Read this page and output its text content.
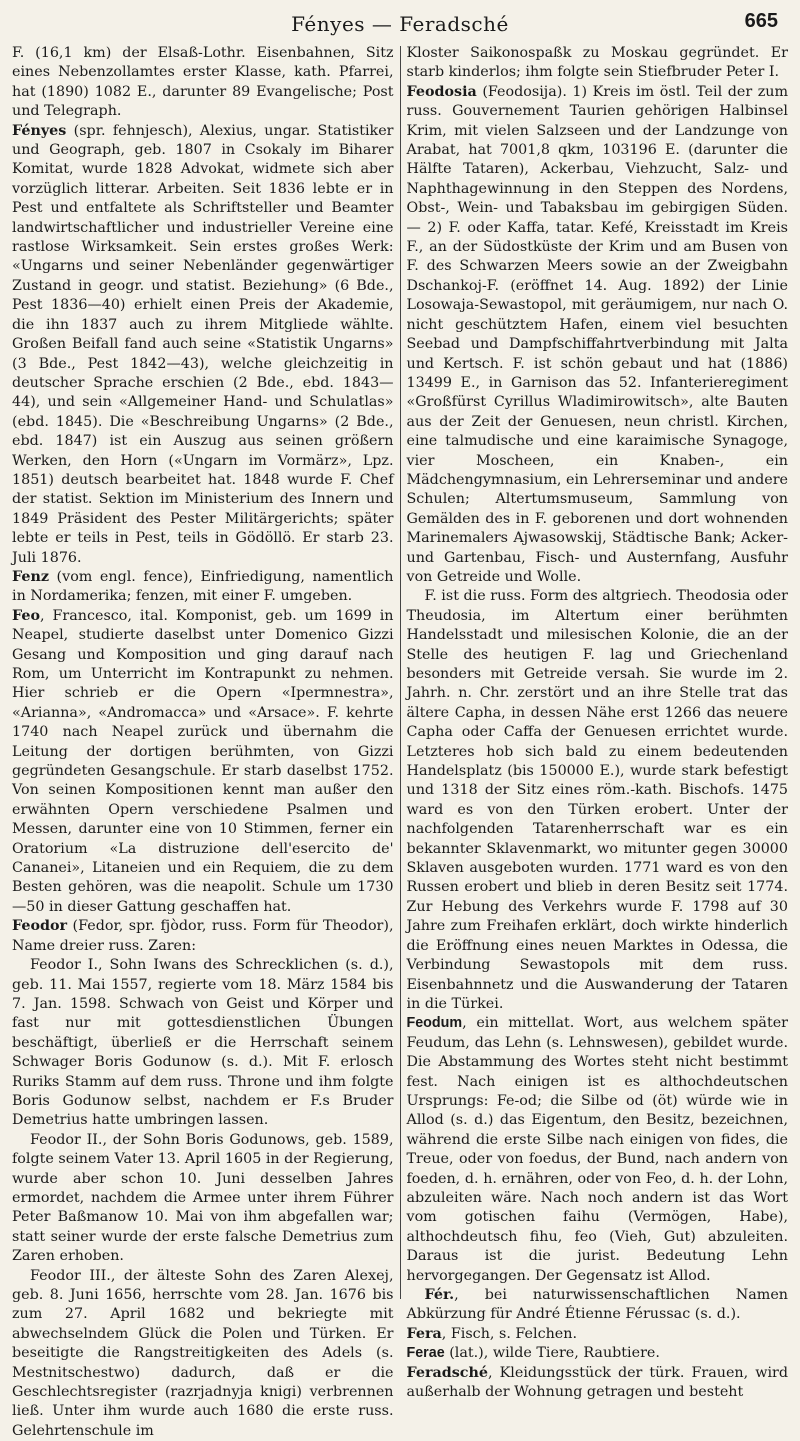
Fényes — Feradsché	665

F. (16,1 km) der Elsaß-Lothr. Eisenbahnen, Sitz eines Nebenzollamtes erster Klasse, kath. Pfarrei, hat (1890) 1082 E., darunter 89 Evangelische; Post und Telegraph.

Fényes (spr. fehnjesch), Alexius, ungar. Statistiker und Geograph, geb. 1807 in Csokaly im Biharer Komitat, wurde 1828 Advokat, widmete sich aber vorzüglich litterar. Arbeiten. Seit 1836 lebte er in Pest und entfaltete als Schriftsteller und Beamter landwirtschaftlicher und industrieller Vereine eine rastlose Wirksamkeit. Sein erstes großes Werk: «Ungarns und seiner Nebenländer gegenwärtiger Zustand in geogr. und statist. Beziehung» (6 Bde., Pest 1836—40) erhielt einen Preis der Akademie, die ihn 1837 auch zu ihrem Mitgliede wählte. Großen Beifall fand auch seine «Statistik Ungarns» (3 Bde., Pest 1842—43), welche gleichzeitig in deutscher Sprache erschien (2 Bde., ebd. 1843—44), und sein «Allgemeiner Hand- und Schulatlas» (ebd. 1845). Die «Beschreibung Ungarns» (2 Bde., ebd. 1847) ist ein Auszug aus seinen größern Werken, den Horn («Ungarn im Vormärz», Lpz. 1851) deutsch bearbeitet hat. 1848 wurde F. Chef der statist. Sektion im Ministerium des Innern und 1849 Präsident des Pester Militärgerichts; später lebte er teils in Pest, teils in Gödöllö. Er starb 23. Juli 1876.

Fenz (vom engl. fence), Einfriedigung, namentlich in Nordamerika; fenzen, mit einer F. umgeben.

Feo, Francesco, ital. Komponist, geb. um 1699 in Neapel, studierte daselbst unter Domenico Gizzi Gesang und Komposition und ging darauf nach Rom, um Unterricht im Kontrapunkt zu nehmen. Hier schrieb er die Opern «Ipermnestra», «Arianna», «Andromacca» und «Arsace». F. kehrte 1740 nach Neapel zurück und übernahm die Leitung der dortigen berühmten, von Gizzi gegründeten Gesangschule. Er starb daselbst 1752. Von seinen Kompositionen kennt man außer den erwähnten Opern verschiedene Psalmen und Messen, darunter eine von 10 Stimmen, ferner ein Oratorium «La distruzione dell'esercito de' Cananei», Litaneien und ein Requiem, die zu dem Besten gehören, was die neapolit. Schule um 1730—50 in dieser Gattung geschaffen hat.

Feodor (Fedor, spr. fjòdor, russ. Form für Theodor), Name dreier russ. Zaren:

Feodor I., Sohn Iwans des Schrecklichen (s. d.), geb. 11. Mai 1557, regierte vom 18. März 1584 bis 7. Jan. 1598. Schwach von Geist und Körper und fast nur mit gottesdienstlichen Übungen beschäftigt, überließ er die Herrschaft seinem Schwager Boris Godunow (s. d.). Mit F. erlosch Ruriks Stamm auf dem russ. Throne und ihm folgte Boris Godunow selbst, nachdem er F.s Bruder Demetrius hatte umbringen lassen.

Feodor II., der Sohn Boris Godunows, geb. 1589, folgte seinem Vater 13. April 1605 in der Regierung, wurde aber schon 10. Juni desselben Jahres ermordet, nachdem die Armee unter ihrem Führer Peter Baßmanow 10. Mai von ihm abgefallen war; statt seiner wurde der erste falsche Demetrius zum Zaren erhoben.

Feodor III., der älteste Sohn des Zaren Alexej, geb. 8. Juni 1656, herrschte vom 28. Jan. 1676 bis zum 27. April 1682 und bekriegte mit abwechselndem Glück die Polen und Türken. Er beseitigte die Rangstreitigkeiten des Adels (s. Mestnitschestwo) dadurch, daß er die Geschlechtsregister (razrjadnyja knigi) verbrennen ließ. Unter ihm wurde auch 1680 die erste russ. Gelehrtenschule im

Kloster Saikonospaßk zu Moskau gegründet. Er starb kinderlos; ihm folgte sein Stiefbruder Peter I.

Feodosia (Feodosija). 1) Kreis im östl. Teil der zum russ. Gouvernement Taurien gehörigen Halbinsel Krim, mit vielen Salzseen und der Landzunge von Arabat, hat 7001,8 qkm, 103196 E. (darunter die Hälfte Tataren), Ackerbau, Viehzucht, Salz- und Naphthagewinnung in den Steppen des Nordens, Obst-, Wein- und Tabaksbau im gebirgigen Süden. — 2) F. oder Kaffa, tatar. Kefé, Kreisstadt im Kreis F., an der Südostküste der Krim und am Busen von F. des Schwarzen Meers sowie an der Zweigbahn Dschankoj-F. (eröffnet 14. Aug. 1892) der Linie Losowaja-Sewastopol, mit geräumigem, nur nach O. nicht geschütztem Hafen, einem viel besuchten Seebad und Dampfschiffahrtverbindung mit Jalta und Kertsch. F. ist schön gebaut und hat (1886) 13499 E., in Garnison das 52. Infanterieregiment «Großfürst Cyrillus Wladimirowitsch», alte Bauten aus der Zeit der Genuesen, neun christl. Kirchen, eine talmudische und eine karaimische Synagoge, vier Moscheen, ein Knaben-, ein Mädchengymnasium, ein Lehrerseminar und andere Schulen; Altertumsmuseum, Sammlung von Gemälden des in F. geborenen und dort wohnenden Marinemalers Ajwasowskij, Städtische Bank; Acker- und Gartenbau, Fisch- und Austernfang, Ausfuhr von Getreide und Wolle.

F. ist die russ. Form des altgriech. Theodosia oder Theudosia, im Altertum einer berühmten Handelsstadt und milesischen Kolonie, die an der Stelle des heutigen F. lag und Griechenland besonders mit Getreide versah. Sie wurde im 2. Jahrh. n. Chr. zerstört und an ihre Stelle trat das ältere Capha, in dessen Nähe erst 1266 das neuere Capha oder Caffa der Genuesen errichtet wurde. Letzteres hob sich bald zu einem bedeutenden Handelsplatz (bis 150000 E.), wurde stark befestigt und 1318 der Sitz eines röm.-kath. Bischofs. 1475 ward es von den Türken erobert. Unter der nachfolgenden Tatarenherrschaft war es ein bekannter Sklavenmarkt, wo mitunter gegen 30000 Sklaven ausgeboten wurden. 1771 ward es von den Russen erobert und blieb in deren Besitz seit 1774. Zur Hebung des Verkehrs wurde F. 1798 auf 30 Jahre zum Freihafen erklärt, doch wirkte hinderlich die Eröffnung eines neuen Marktes in Odessa, die Verbindung Sewastopols mit dem russ. Eisenbahnnetz und die Auswanderung der Tataren in die Türkei.

Feodum, ein mittellat. Wort, aus welchem später Feudum, das Lehn (s. Lehnswesen), gebildet wurde. Die Abstammung des Wortes steht nicht bestimmt fest. Nach einigen ist es althochdeutschen Ursprungs: Fe-od; die Silbe od (öt) würde wie in Allod (s. d.) das Eigentum, den Besitz, bezeichnen, während die erste Silbe nach einigen von fides, die Treue, oder von foedus, der Bund, nach andern von foeden, d. h. ernähren, oder von Feo, d. h. der Lohn, abzuleiten wäre. Nach noch andern ist das Wort vom gotischen faihu (Vermögen, Habe), althochdeutsch fihu, feo (Vieh, Gut) abzuleiten. Daraus ist die jurist. Bedeutung Lehn hervorgegangen. Der Gegensatz ist Allod.

Fér., bei naturwissenschaftlichen Namen Abkürzung für André Étienne Férussac (s. d.).

Fera, Fisch, s. Felchen.

Ferae (lat.), wilde Tiere, Raubtiere.

Feradsché, Kleidungsstück der türk. Frauen, wird außerhalb der Wohnung getragen und besteht
